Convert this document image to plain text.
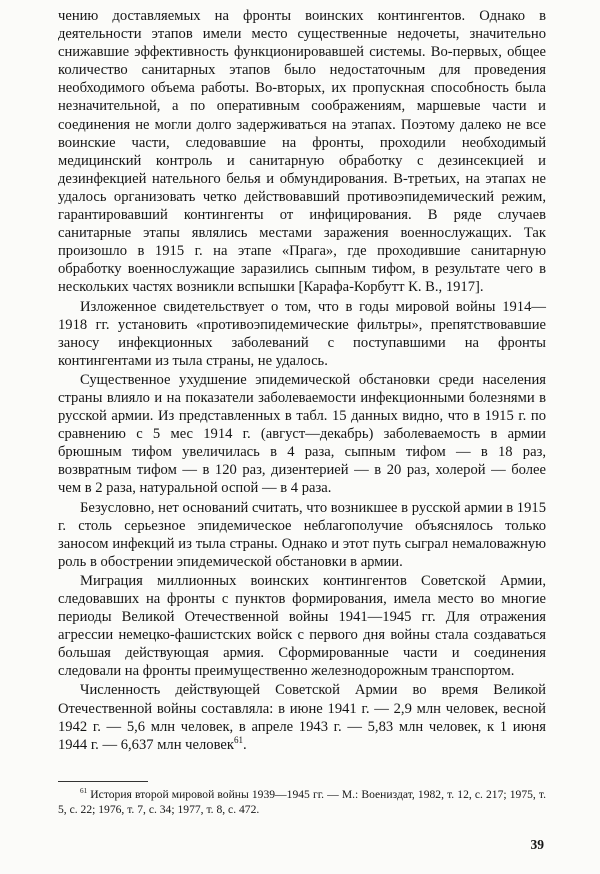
чению доставляемых на фронты воинских контингентов. Однако в деятельности этапов имели место существенные недочеты, значительно снижавшие эффективность функционировавшей системы. Во-первых, общее количество санитарных этапов было недостаточным для проведения необходимого объема работы. Во-вторых, их пропускная способность была незначительной, а по оперативным соображениям, маршевые части и соединения не могли долго задерживаться на этапах. Поэтому далеко не все воинские части, следовавшие на фронты, проходили необходимый медицинский контроль и санитарную обработку с дезинсекцией и дезинфекцией нательного белья и обмундирования. В-третьих, на этапах не удалось организовать четко действовавший противоэпидемический режим, гарантировавший контингенты от инфицирования. В ряде случаев санитарные этапы являлись местами заражения военнослужащих. Так произошло в 1915 г. на этапе «Прага», где проходившие санитарную обработку военнослужащие заразились сыпным тифом, в результате чего в нескольких частях возникли вспышки [Карафа-Корбутт К. В., 1917].

Изложенное свидетельствует о том, что в годы мировой войны 1914—1918 гг. установить «противоэпидемические фильтры», препятствовавшие заносу инфекционных заболеваний с поступавшими на фронты контингентами из тыла страны, не удалось.

Существенное ухудшение эпидемической обстановки среди населения страны влияло и на показатели заболеваемости инфекционными болезнями в русской армии. Из представленных в табл. 15 данных видно, что в 1915 г. по сравнению с 5 мес 1914 г. (август—декабрь) заболеваемость в армии брюшным тифом увеличилась в 4 раза, сыпным тифом — в 18 раз, возвратным тифом — в 120 раз, дизентерией — в 20 раз, холерой — более чем в 2 раза, натуральной оспой — в 4 раза.

Безусловно, нет оснований считать, что возникшее в русской армии в 1915 г. столь серьезное эпидемическое неблагополучие объяснялось только заносом инфекций из тыла страны. Однако и этот путь сыграл немаловажную роль в обострении эпидемической обстановки в армии.

Миграция миллионных воинских контингентов Советской Армии, следовавших на фронты с пунктов формирования, имела место во многие периоды Великой Отечественной войны 1941—1945 гг. Для отражения агрессии немецко-фашистских войск с первого дня войны стала создаваться большая действующая армия. Сформированные части и соединения следовали на фронты преимущественно железнодорожным транспортом.

Численность действующей Советской Армии во время Великой Отечественной войны составляла: в июне 1941 г. — 2,9 млн человек, весной 1942 г. — 5,6 млн человек, в апреле 1943 г. — 5,83 млн человек, к 1 июня 1944 г. — 6,637 млн человек$^{61}$.

$^{61}$ История второй мировой войны 1939—1945 гг. — М.: Воениздат, 1982, т. 12, с. 217; 1975, т. 5, с. 22; 1976, т. 7, с. 34; 1977, т. 8, с. 472.
39
